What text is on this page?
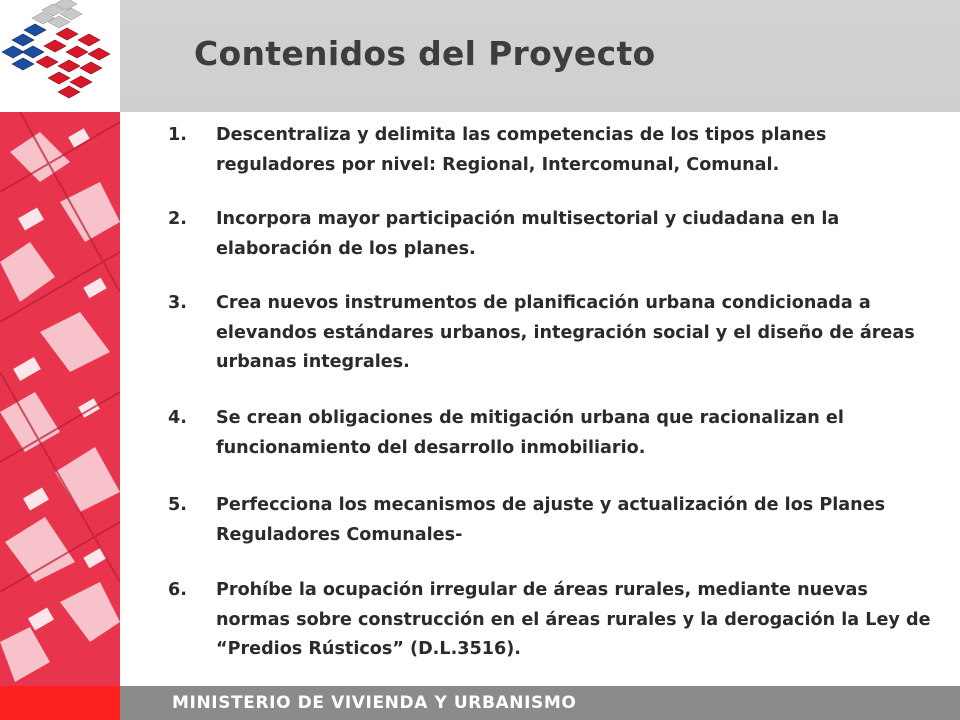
Contenidos del Proyecto
1.	Descentraliza y delimita las competencias de los tipos planes reguladores por nivel: Regional, Intercomunal, Comunal.
2.	Incorpora mayor participación multisectorial y ciudadana en la elaboración de los planes.
3.	Crea nuevos instrumentos de planificación urbana condicionada a elevandos estándares urbanos, integración social y el diseño de áreas urbanas integrales.
4.	Se crean obligaciones de mitigación urbana que racionalizan el funcionamiento del desarrollo inmobiliario.
5.	Perfecciona los mecanismos de ajuste y actualización de los Planes Reguladores Comunales-
6.	Prohíbe la ocupación irregular de áreas rurales, mediante nuevas normas sobre construcción en el áreas rurales y la derogación la Ley de “Predios Rústicos” (D.L.3516).

MINISTERIO DE VIVIENDA Y URBANISMO
